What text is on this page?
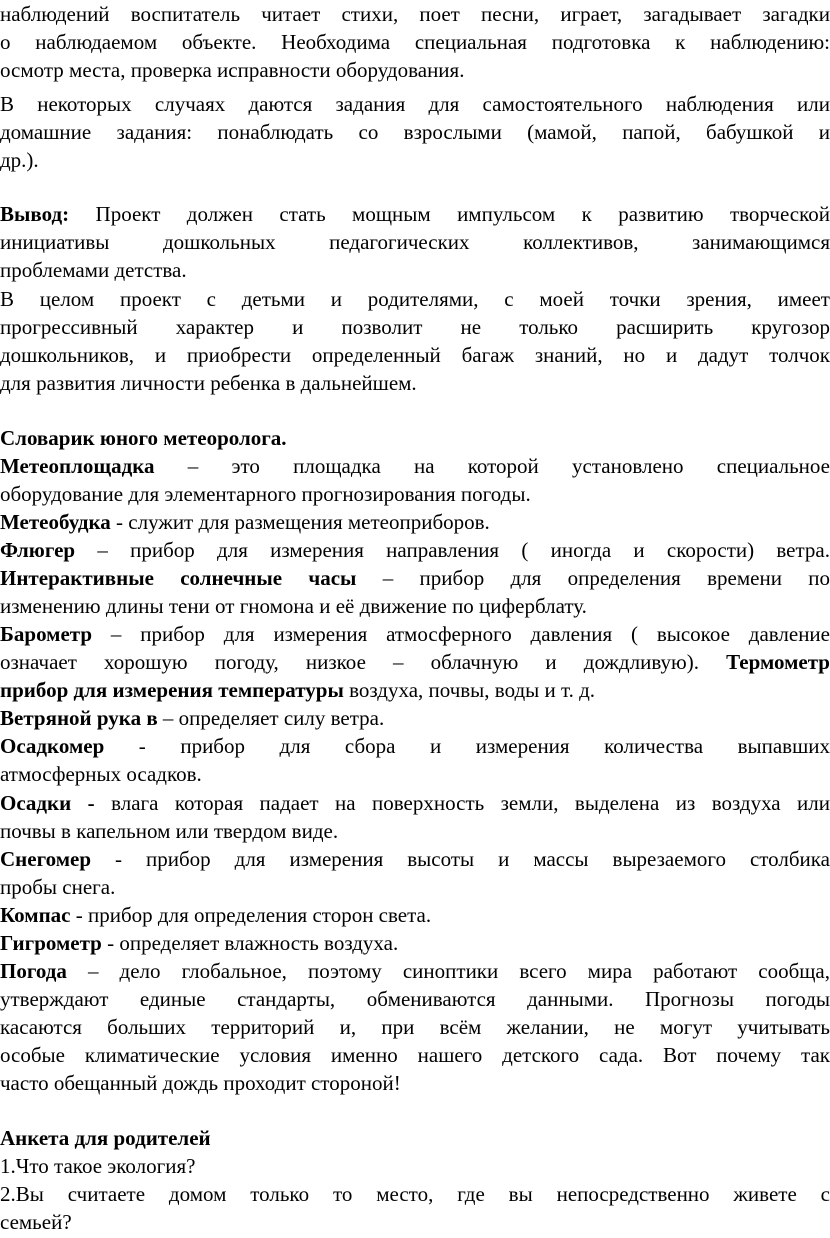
наблюдений воспитатель читает стихи, поет песни, играет, загадывает загадки
о наблюдаемом объекте. Необходима специальная подготовка к наблюдению:
осмотр места, проверка исправности оборудования.
В некоторых случаях даются задания для самостоятельного наблюдения или
домашние задания: понаблюдать со взрослыми (мамой, папой, бабушкой и
др.).
Вывод: Проект должен стать мощным импульсом к развитию творческой
инициативы дошкольных педагогических коллективов, занимающимся
проблемами детства.
В целом проект с детьми и родителями, с моей точки зрения, имеет
прогрессивный характер и позволит не только расширить кругозор
дошкольников, и приобрести определенный багаж знаний, но и дадут толчок
для развития личности ребенка в дальнейшем.
Словарик юного метеоролога.
Метеоплощадка – это площадка на которой установлено специальное
оборудование для элементарного прогнозирования погоды.
Метеобудка - служит для размещения метеоприборов.
Флюгер – прибор для измерения направления ( иногда и скорости) ветра.
Интерактивные солнечные часы – прибор для определения времени по
изменению длины тени от гномона и её движение по циферблату.
Барометр – прибор для измерения атмосферного давления ( высокое давление
означает хорошую погоду, низкое – облачную и дождливую). Термометр
прибор для измерения температуры воздуха, почвы, воды и т. д.
Ветряной рука в – определяет силу ветра.
Осадкомер - прибор для сбора и измерения количества выпавших
атмосферных осадков.
Осадки - влага которая падает на поверхность земли, выделена из воздуха или
почвы в капельном или твердом виде.
Снегомер - прибор для измерения высоты и массы вырезаемого столбика
пробы снега.
Компас - прибор для определения сторон света.
Гигрометр - определяет влажность воздуха.
Погода – дело глобальное, поэтому синоптики всего мира работают сообща,
утверждают единые стандарты, обмениваются данными. Прогнозы погоды
касаются больших территорий и, при всём желании, не могут учитывать
особые климатические условия именно нашего детского сада. Вот почему так
часто обещанный дождь проходит стороной!
Анкета для родителей
1.Что такое экология?
2.Вы считаете домом только то место, где вы непосредственно живете с
семьей?
